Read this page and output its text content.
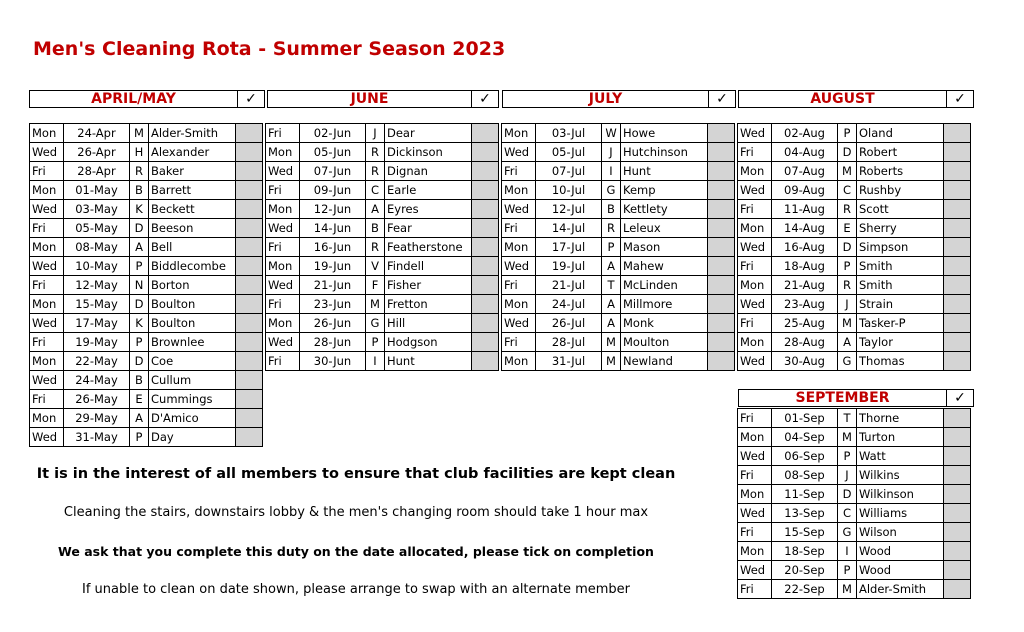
Men's Cleaning Rota - Summer Season 2023
APRIL/MAY	✓	JUNE	✓	JULY	✓	AUGUST	✓
SEPTEMBER	✓
Mon	24-Apr	M	Alder-Smith	
Wed	26-Apr	H	Alexander	
Fri	28-Apr	R	Baker	
Mon	01-May	B	Barrett	
Wed	03-May	K	Beckett	
Fri	05-May	D	Beeson	
Mon	08-May	A	Bell	
Wed	10-May	P	Biddlecombe	
Fri	12-May	N	Borton	
Mon	15-May	D	Boulton	
Wed	17-May	K	Boulton	
Fri	19-May	P	Brownlee	
Mon	22-May	D	Coe	
Wed	24-May	B	Cullum	
Fri	26-May	E	Cummings	
Mon	29-May	A	D'Amico	
Wed	31-May	P	Day	
Fri	02-Jun	J	Dear	
Mon	05-Jun	R	Dickinson	
Wed	07-Jun	R	Dignan	
Fri	09-Jun	C	Earle	
Mon	12-Jun	A	Eyres	
Wed	14-Jun	B	Fear	
Fri	16-Jun	R	Featherstone	
Mon	19-Jun	V	Findell	
Wed	21-Jun	F	Fisher	
Fri	23-Jun	M	Fretton	
Mon	26-Jun	G	Hill	
Wed	28-Jun	P	Hodgson	
Fri	30-Jun	I	Hunt	
Mon	03-Jul	W	Howe	
Wed	05-Jul	J	Hutchinson	
Fri	07-Jul	I	Hunt	
Mon	10-Jul	G	Kemp	
Wed	12-Jul	B	Kettlety	
Fri	14-Jul	R	Leleux	
Mon	17-Jul	P	Mason	
Wed	19-Jul	A	Mahew	
Fri	21-Jul	T	McLinden	
Mon	24-Jul	A	Millmore	
Wed	26-Jul	A	Monk	
Fri	28-Jul	M	Moulton	
Mon	31-Jul	M	Newland	
Wed	02-Aug	P	Oland	
Fri	04-Aug	D	Robert	
Mon	07-Aug	M	Roberts	
Wed	09-Aug	C	Rushby	
Fri	11-Aug	R	Scott	
Mon	14-Aug	E	Sherry	
Wed	16-Aug	D	Simpson	
Fri	18-Aug	P	Smith	
Mon	21-Aug	R	Smith	
Wed	23-Aug	J	Strain	
Fri	25-Aug	M	Tasker-P	
Mon	28-Aug	A	Taylor	
Wed	30-Aug	G	Thomas	
Fri	01-Sep	T	Thorne	
Mon	04-Sep	M	Turton	
Wed	06-Sep	P	Watt	
Fri	08-Sep	J	Wilkins	
Mon	11-Sep	D	Wilkinson	
Wed	13-Sep	C	Williams	
Fri	15-Sep	G	Wilson	
Mon	18-Sep	I	Wood	
Wed	20-Sep	P	Wood	
Fri	22-Sep	M	Alder-Smith	
It is in the interest of all members to ensure that club facilities are kept clean
Cleaning the stairs, downstairs lobby & the men's changing room should take 1 hour max
We ask that you complete this duty on the date allocated, please tick on completion
If unable to clean on date shown, please arrange to swap with an alternate member
